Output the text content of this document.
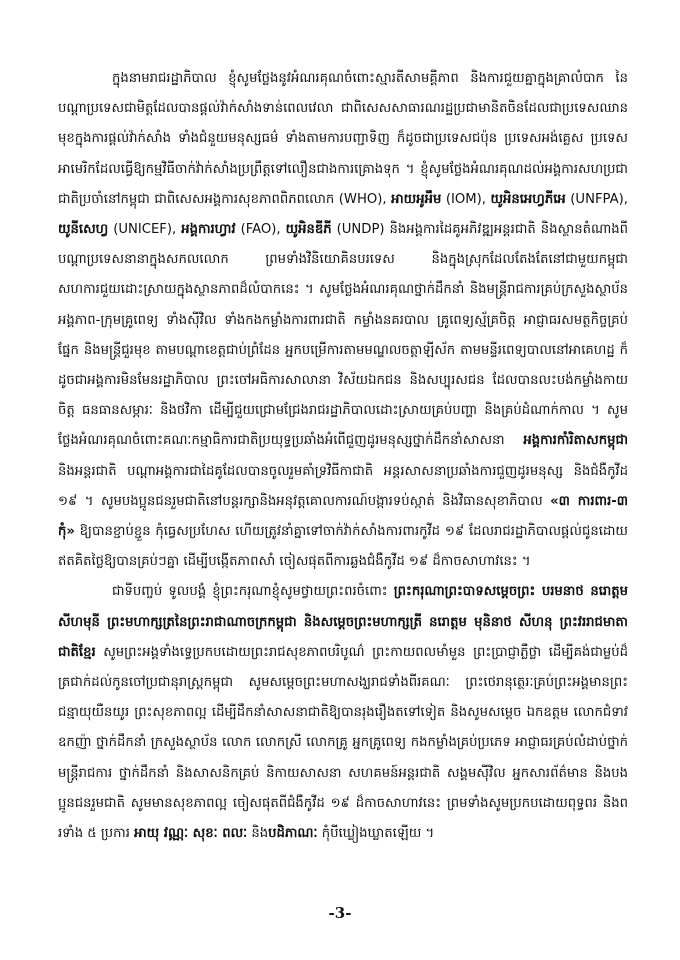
ក្នុងនាមរាជរដ្ឋាភិបាល ខ្ញុំសូមថ្លែងនូវអំណរគុណចំពោះស្មារតីសាមគ្គីភាព និងការជួយគ្នាក្នុងគ្រាលំបាក នៃបណ្តាប្រទេសជាមិត្តដែលបានផ្តល់វ៉ាក់សាំងទាន់ពេលវេលា ជាពិសេសសាធារណរដ្ឋប្រជាមានិតចិនដែលជាប្រទេសឈានមុខក្នុងការផ្តល់វ៉ាក់សាំង ទាំងជំនួយមនុស្សធម៌ ទាំងតាមការបញ្ជាទិញ ក៏ដូចជាប្រទេសជប៉ុន ប្រទេសអង់គ្លេស ប្រទេសអាមេរិកដែលធ្វើឱ្យកម្មវិធីចាក់វ៉ាក់សាំងប្រព្រឹត្តទៅលឿនជាងការគ្រោងទុក ។ ខ្ញុំសូមថ្លែងអំណរគុណដល់អង្គការសហប្រជាជាតិប្រចាំនៅកម្ពុជា ជាពិសេសអង្គការសុខភាពពិភពលោក (WHO), អាយអូអឹម (IOM), យូអិនអេហ្វភីអេ (UNFPA), យូនីសេហ្វ (UNICEF), អង្គការហ្វាវ (FAO), យូអិនឌីភី (UNDP) និងអង្គការដៃគូអភិវឌ្ឍអន្តរជាតិ និងស្ថានតំណាងពីបណ្តាប្រទេសនានាក្នុងសកលលោក ព្រមទាំងវិនិយោគិនបរទេស និងក្នុងស្រុកដែលតែងតែនៅជាមួយកម្ពុជា សហការជួយដោះស្រាយក្នុងស្ថានភាពដ៏លំបាកនេះ ។ សូមថ្លែងអំណរគុណថ្នាក់ដឹកនាំ និងមន្ត្រីរាជការគ្រប់ក្រសួងស្ថាប័ន អង្គភាព-ក្រុមគ្រូពេទ្យ ទាំងស៊ីវិល ទាំងកងកម្លាំងការពារជាតិ កម្លាំងនគរបាល គ្រូពេទ្យស្ម័គ្រចិត្ត អាជ្ញាធរសមត្ថកិច្ចគ្រប់ផ្នែក និងមន្ត្រីជួរមុខ តាមបណ្តាខេត្តជាប់ព្រំដែន អ្នកបម្រើការតាមមណ្ឌលចត្តាឡីស័ក តាមមន្ទីរពេទ្យបាលនៅអាគេហដ្ឋ ក៏ដូចជាអង្គការមិនមែនរដ្ឋាភិបាល ព្រះចៅអធិការសាលានា វិស័យឯកជន និងសប្បុរសជន ដែលបានលះបង់កម្លាំងកាយចិត្ត ធនធានសម្ភារៈ និងថវិកា ដើម្បីជួយជ្រោមជ្រែងរាជរដ្ឋាភិបាលដោះស្រាយគ្រប់បញ្ហា និងគ្រប់ដំណាក់កាល ។ សូមថ្លែងអំណរគុណចំពោះគណៈកម្មាធិការជាតិប្រយុទ្ធប្រឆាំងអំពើជួញដូរមនុស្សថ្នាក់ដឹកនាំសាសនា អង្គការកាំរិតាសកម្ពុជា និងអន្តរជាតិ បណ្តាអង្គការជាដៃគូដែលបានចូលរួមគាំទ្រវិធីកាជាតិ អន្តរសាសនាប្រឆាំងការជួញដូរមនុស្ស និងជំងឺកូវីដ ១៩ ។ សូមបងប្អូនជនរួមជាតិនៅបន្តរក្សានិងអនុវត្តគោលការណ៍បង្ការទប់ស្កាត់ និងវិធានសុខាភិបាល «៣ ការពារ-៣ កុំ» ឱ្យបានខ្ជាប់ខ្ជួន កុំធ្វេសប្រហែស ហើយត្រូវនាំគ្នាទៅចាក់វ៉ាក់សាំងការពារកូវីដ ១៩ ដែលរាជរដ្ឋាភិបាលផ្តល់ជូនដោយឥតគិតថ្លៃឱ្យបានគ្រប់ៗគ្នា ដើម្បីបង្កើតភាពសាំ ចៀសផុតពីការឆ្លងជំងឺកូវីដ ១៩ ដ៏កាចសាហាវនេះ ។

ជាទីបញ្ចប់ ទូលបង្គំ ខ្ញុំព្រះករុណាខ្ញុំសូមថ្វាយព្រះពរចំពោះ ព្រះករុណាព្រះបាទសម្តេចព្រះ បរមនាថ នរោត្តម សីហមុនី ព្រះមហាក្សត្រនៃព្រះរាជាណាចក្រកម្ពុជា និងសម្តេចព្រះមហាក្សត្រី នរោត្តម មុនិនាថ សីហនុ ព្រះវររាជមាតាជាតិខ្មែរ សូមព្រះអង្គទាំងទ្វេប្រកបដោយព្រះរាជសុខភាពបរិបូណ៌ ព្រះកាយពលមាំមួន ព្រះប្រាជ្ញាភ្លឺថ្លា ដើម្បីគង់ជាម្លប់ដ៏ត្រជាក់ដល់កូនចៅប្រជានុរាស្ត្រកម្ពុជា សូមសម្តេចព្រះមហាសង្ឃរាជទាំងពីរគណៈ ព្រះថេរានុត្ថេរៈគ្រប់ព្រះអង្គមានព្រះជន្មាយុយឺនយូរ ព្រះសុខភាពល្អ ដើម្បីដឹកនាំសាសនាជាតិឱ្យបានរុងរឿងតទៅទៀត និងសូមសម្តេច ឯកឧត្តម លោកជំទាវ ឧកញ៉ា ថ្នាក់ដឹកនាំ ក្រសួងស្ថាប័ន លោក លោកស្រី លោកគ្រូ អ្នកគ្រូពេទ្យ កងកម្លាំងគ្រប់ប្រភេទ អាជ្ញាធរគ្រប់លំដាប់ថ្នាក់ មន្ត្រីរាជការ ថ្នាក់ដឹកនាំ និងសាសនិកគ្រប់ និកាយសាសនា សហគមន៍អន្តរជាតិ សង្គមស៊ីវិល អ្នកសារព័ត៌មាន និងបងប្អូនជនរួមជាតិ សូមមានសុខភាពល្អ ចៀសផុតពីជំងឺកូវីដ ១៩ ដ៏កាចសាហាវនេះ ព្រមទាំងសូមប្រកបដោយពុទ្ធពរ និងពរទាំង ៥ ប្រការ អាយុ វណ្ណៈ សុខៈ ពលៈ និងបដិភាណៈ កុំបីឃ្លៀងឃ្លាតឡើយ ។

-3-
